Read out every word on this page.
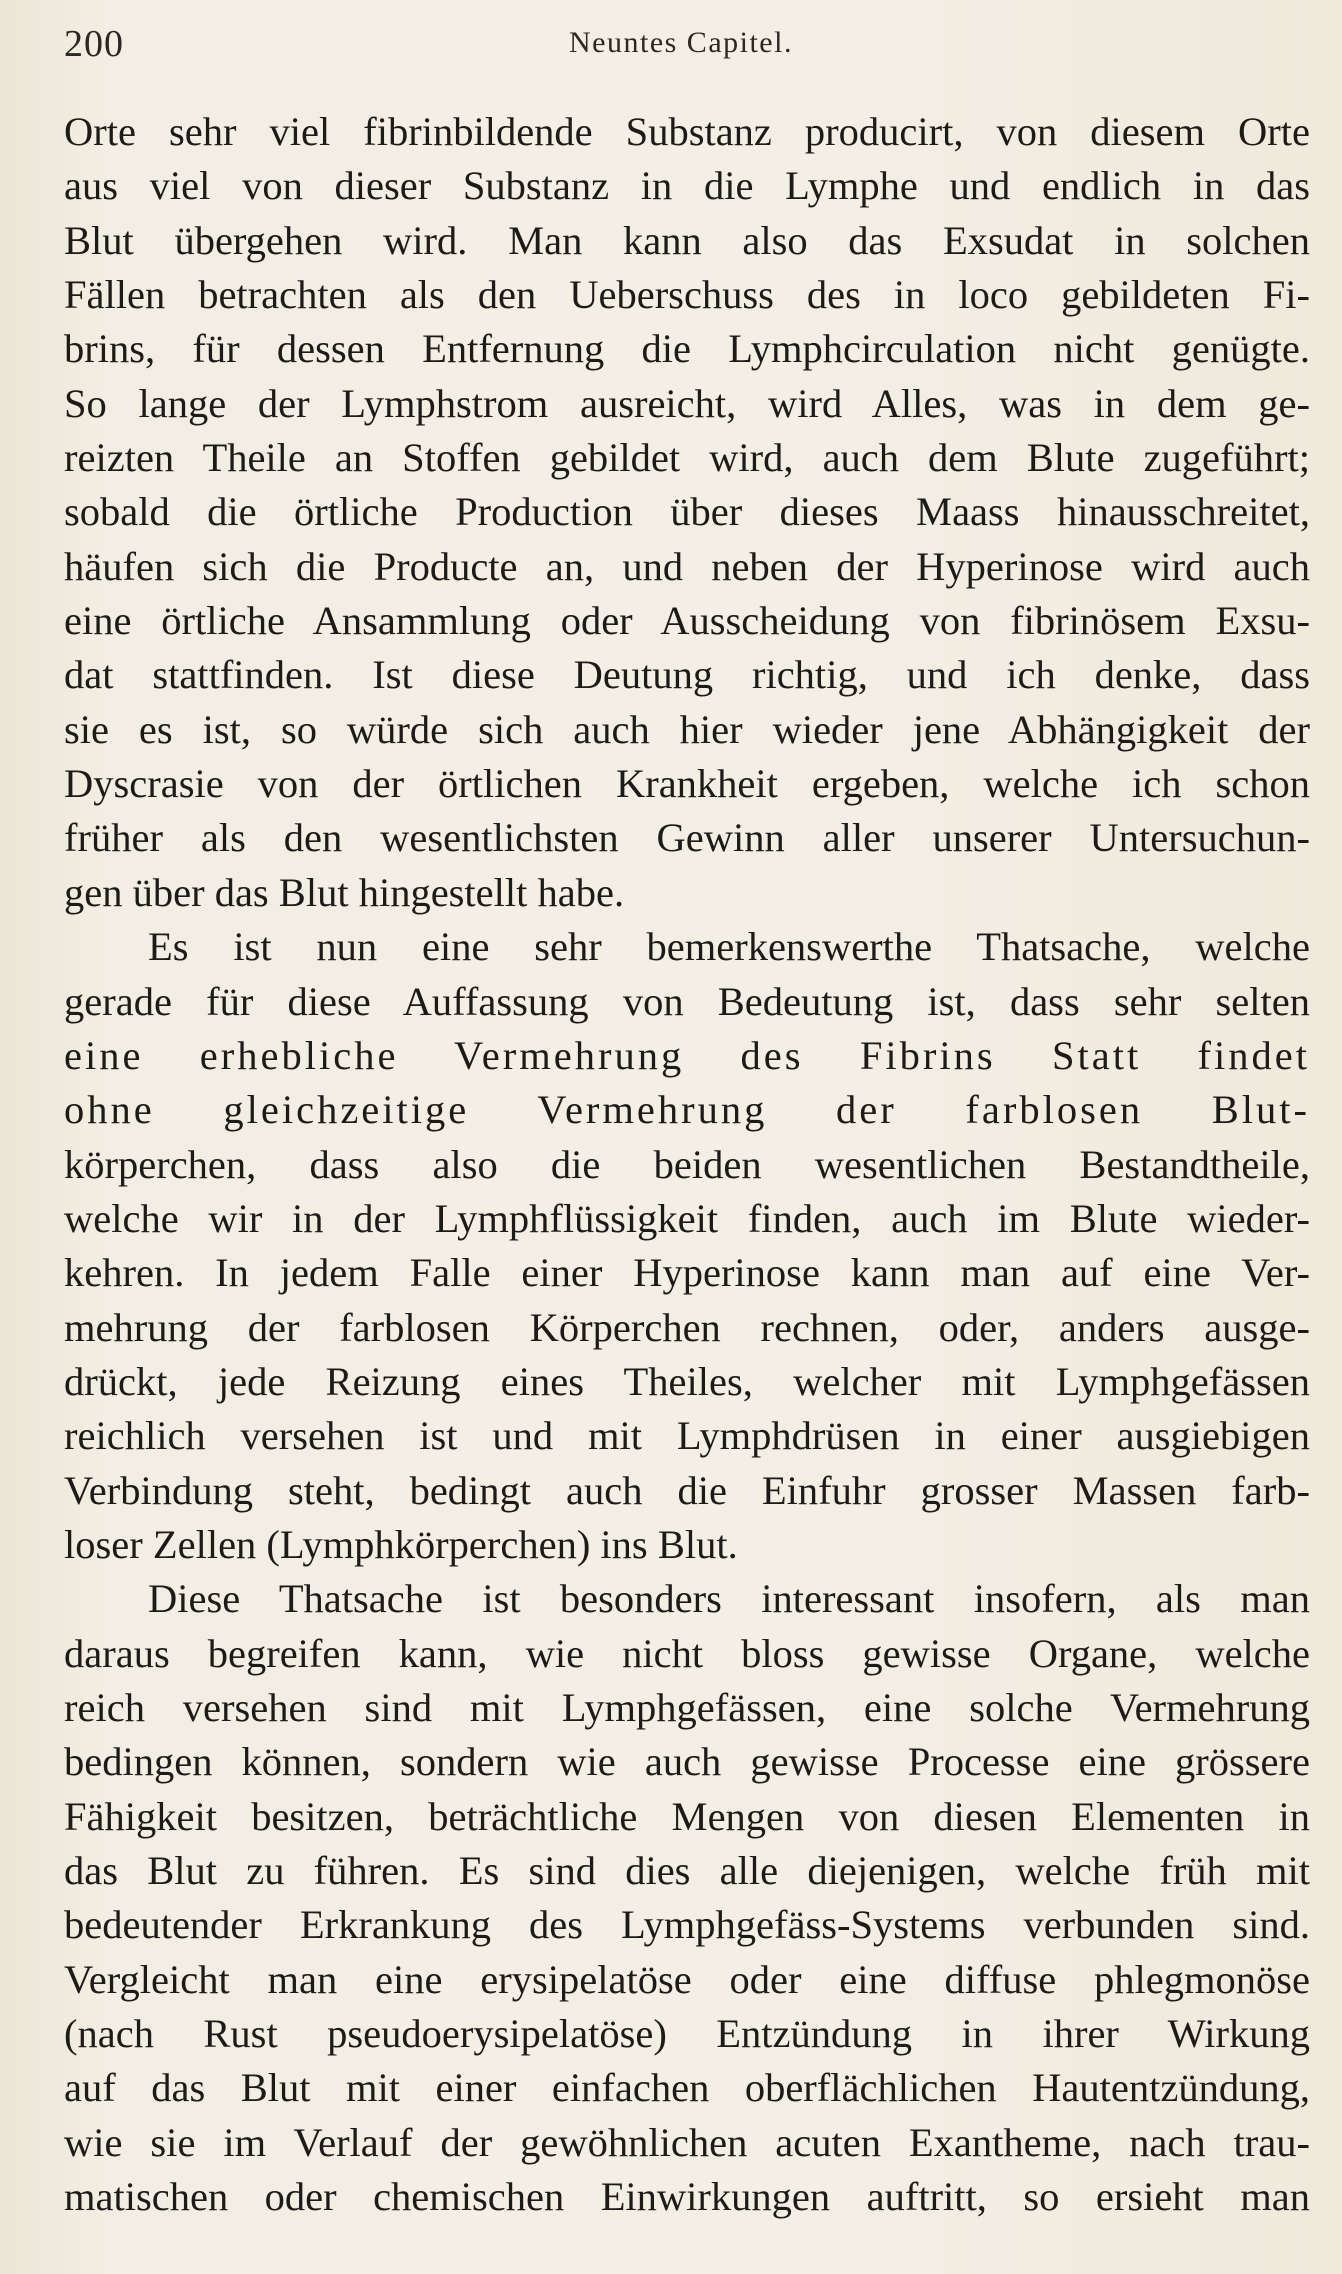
200	Neuntes Capitel.
Orte sehr viel fibrinbildende Substanz producirt, von diesem Orte
aus viel von dieser Substanz in die Lymphe und endlich in das
Blut übergehen wird. Man kann also das Exsudat in solchen
Fällen betrachten als den Ueberschuss des in loco gebildeten Fi-
brins, für dessen Entfernung die Lymphcirculation nicht genügte.
So lange der Lymphstrom ausreicht, wird Alles, was in dem ge-
reizten Theile an Stoffen gebildet wird, auch dem Blute zugeführt;
sobald die örtliche Production über dieses Maass hinausschreitet,
häufen sich die Producte an, und neben der Hyperinose wird auch
eine örtliche Ansammlung oder Ausscheidung von fibrinösem Exsu-
dat stattfinden. Ist diese Deutung richtig, und ich denke, dass
sie es ist, so würde sich auch hier wieder jene Abhängigkeit der
Dyscrasie von der örtlichen Krankheit ergeben, welche ich schon
früher als den wesentlichsten Gewinn aller unserer Untersuchun-
gen über das Blut hingestellt habe.
Es ist nun eine sehr bemerkenswerthe Thatsache, welche
gerade für diese Auffassung von Bedeutung ist, dass sehr selten
eine erhebliche Vermehrung des Fibrins Statt findet
ohne gleichzeitige Vermehrung der farblosen Blut-
körperchen, dass also die beiden wesentlichen Bestandtheile,
welche wir in der Lymphflüssigkeit finden, auch im Blute wieder-
kehren. In jedem Falle einer Hyperinose kann man auf eine Ver-
mehrung der farblosen Körperchen rechnen, oder, anders ausge-
drückt, jede Reizung eines Theiles, welcher mit Lymphgefässen
reichlich versehen ist und mit Lymphdrüsen in einer ausgiebigen
Verbindung steht, bedingt auch die Einfuhr grosser Massen farb-
loser Zellen (Lymphkörperchen) ins Blut.
Diese Thatsache ist besonders interessant insofern, als man
daraus begreifen kann, wie nicht bloss gewisse Organe, welche
reich versehen sind mit Lymphgefässen, eine solche Vermehrung
bedingen können, sondern wie auch gewisse Processe eine grössere
Fähigkeit besitzen, beträchtliche Mengen von diesen Elementen in
das Blut zu führen. Es sind dies alle diejenigen, welche früh mit
bedeutender Erkrankung des Lymphgefäss-Systems verbunden sind.
Vergleicht man eine erysipelatöse oder eine diffuse phlegmonöse
(nach Rust pseudoerysipelatöse) Entzündung in ihrer Wirkung
auf das Blut mit einer einfachen oberflächlichen Hautentzündung,
wie sie im Verlauf der gewöhnlichen acuten Exantheme, nach trau-
matischen oder chemischen Einwirkungen auftritt, so ersieht man
